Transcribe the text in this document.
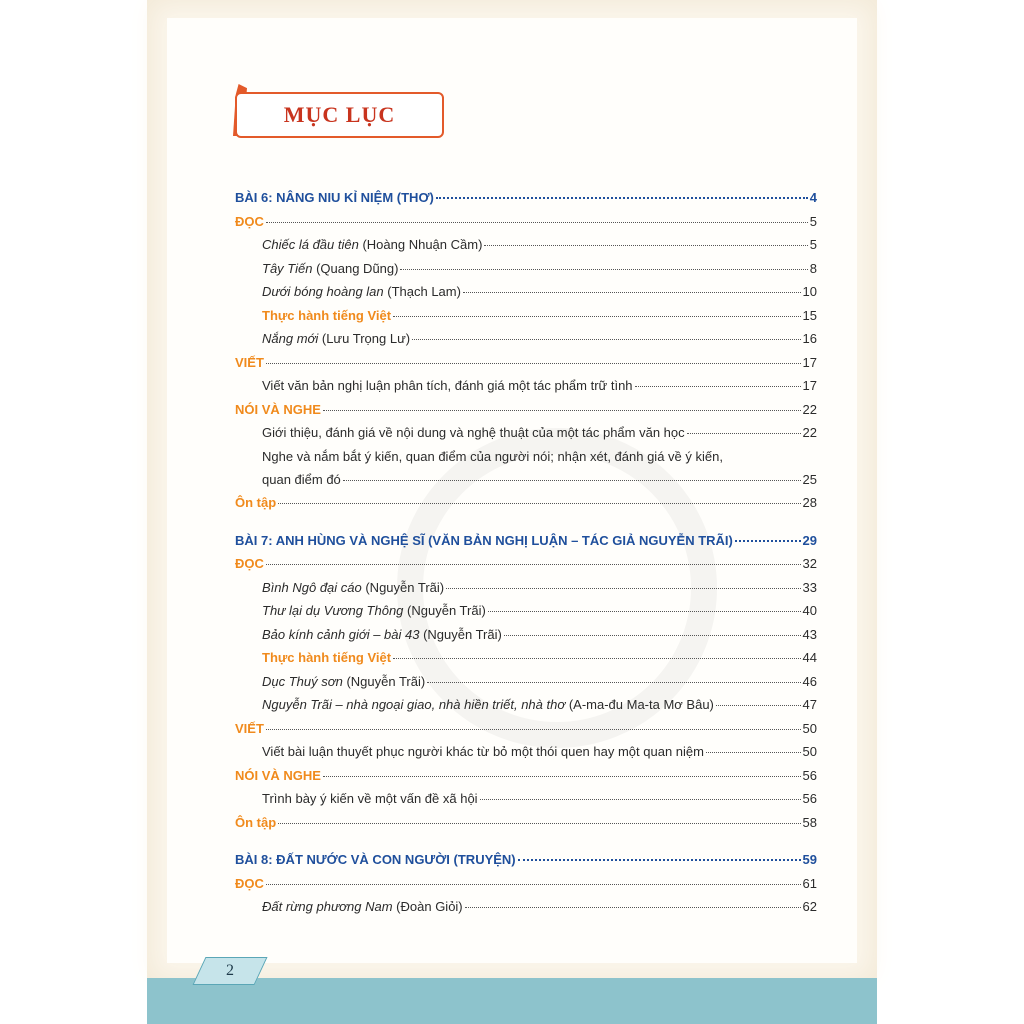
MỤC LỤC
BÀI 6: NÂNG NIU KỈ NIỆM (THƠ)	4
ĐỌC	5
Chiếc lá đầu tiên (Hoàng Nhuận Cầm)	5
Tây Tiến (Quang Dũng)	8
Dưới bóng hoàng lan (Thạch Lam)	10
Thực hành tiếng Việt	15
Nắng mới (Lưu Trọng Lư)	16
VIẾT	17
Viết văn bản nghị luận phân tích, đánh giá một tác phẩm trữ tình	17
NÓI VÀ NGHE	22
Giới thiệu, đánh giá về nội dung và nghệ thuật của một tác phẩm văn học	22
Nghe và nắm bắt ý kiến, quan điểm của người nói; nhận xét, đánh giá về ý kiến,
quan điểm đó	25
Ôn tập	28
BÀI 7: ANH HÙNG VÀ NGHỆ SĨ (VĂN BẢN NGHỊ LUẬN – TÁC GIẢ NGUYỄN TRÃI)	29
ĐỌC	32
Bình Ngô đại cáo (Nguyễn Trãi)	33
Thư lại dụ Vương Thông (Nguyễn Trãi)	40
Bảo kính cảnh giới – bài 43 (Nguyễn Trãi)	43
Thực hành tiếng Việt	44
Dục Thuý sơn (Nguyễn Trãi)	46
Nguyễn Trãi – nhà ngoại giao, nhà hiền triết, nhà thơ (A-ma-đu Ma-ta Mơ Bâu)	47
VIẾT	50
Viết bài luận thuyết phục người khác từ bỏ một thói quen hay một quan niệm	50
NÓI VÀ NGHE	56
Trình bày ý kiến về một vấn đề xã hội	56
Ôn tập	58
BÀI 8: ĐẤT NƯỚC VÀ CON NGƯỜI (TRUYỆN)	59
ĐỌC	61
Đất rừng phương Nam (Đoàn Giỏi)	62
2
